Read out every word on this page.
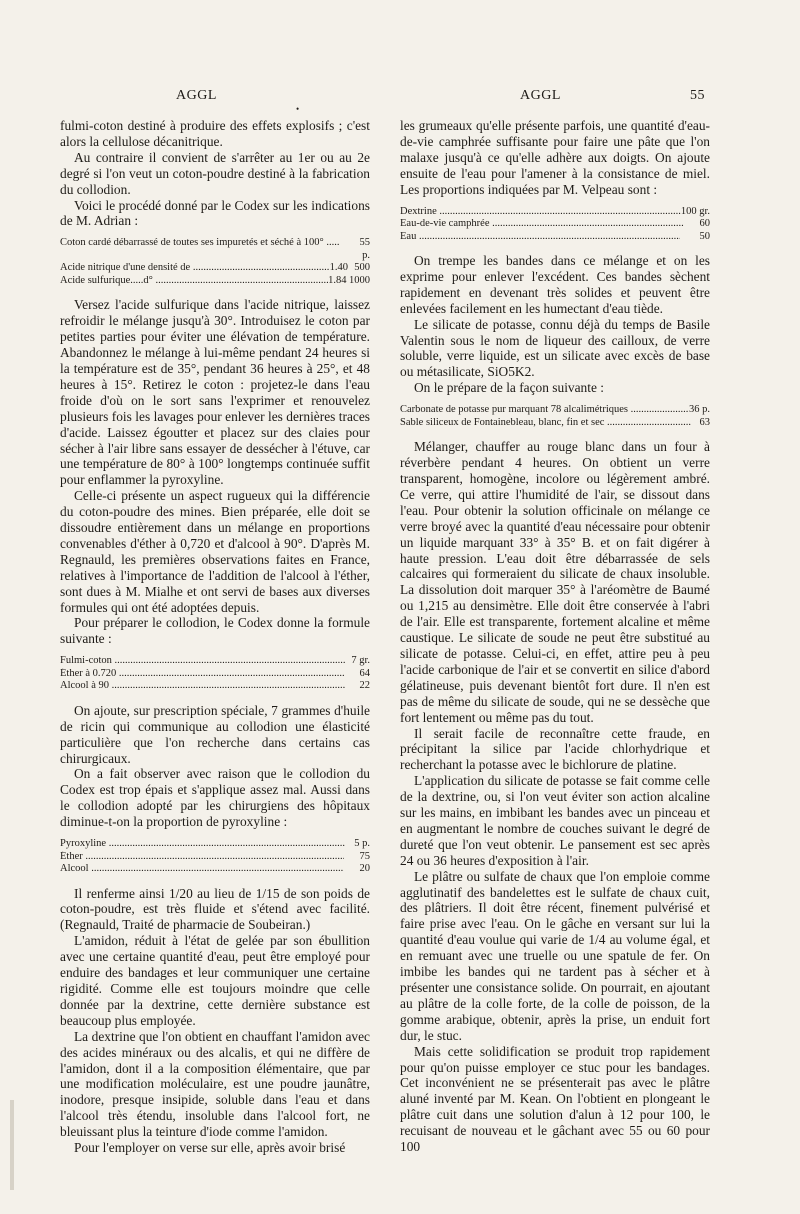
AGGL
•
AGGL	55

fulmi-coton destiné à produire des effets explosifs ; c'est alors la cellulose décanitrique.

Au contraire il convient de s'arrêter au 1er ou au 2e degré si l'on veut un coton-poudre destiné à la fabrication du collodion.

Voici le procédé donné par le Codex sur les indications de M. Adrian :

Coton cardé débarrassé de toutes ses impuretés et séché à 100° .....	55 p.
Acide nitrique d'une densité de .....	1.40 500
Acide sulfurique.....d° .....	1.84 1000

Versez l'acide sulfurique dans l'acide nitrique, laissez refroidir le mélange jusqu'à 30°. Introduisez le coton par petites parties pour éviter une élévation de température. Abandonnez le mélange à lui-même pendant 24 heures si la température est de 35°, pendant 36 heures à 25°, et 48 heures à 15°. Retirez le coton : projetez-le dans l'eau froide d'où on le sort sans l'exprimer et renouvelez plusieurs fois les lavages pour enlever les dernières traces d'acide. Laissez égoutter et placez sur des claies pour sécher à l'air libre sans essayer de dessécher à l'étuve, car une température de 80° à 100° longtemps continuée suffit pour enflammer la pyroxyline.

Celle-ci présente un aspect rugueux qui la différencie du coton-poudre des mines. Bien préparée, elle doit se dissoudre entièrement dans un mélange en proportions convenables d'éther à 0,720 et d'alcool à 90°. D'après M. Regnauld, les premières observations faites en France, relatives à l'importance de l'addition de l'alcool à l'éther, sont dues à M. Mialhe et ont servi de bases aux diverses formules qui ont été adoptées depuis.

Pour préparer le collodion, le Codex donne la formule suivante :

Fulmi-coton .....	7 gr.
Éther à 0.720 .....	64
Alcool à 90 .....	22

On ajoute, sur prescription spéciale, 7 grammes d'huile de ricin qui communique au collodion une élasticité particulière que l'on recherche dans certains cas chirurgicaux.

On a fait observer avec raison que le collodion du Codex est trop épais et s'applique assez mal. Aussi dans le collodion adopté par les chirurgiens des hôpitaux diminue-t-on la proportion de pyroxyline :

Pyroxyline .....	5 p.
Éther .....	75
Alcool .....	20

Il renferme ainsi 1/20 au lieu de 1/15 de son poids de coton-poudre, est très fluide et s'étend avec facilité. (Regnauld, Traité de pharmacie de Soubeiran.)

L'amidon, réduit à l'état de gelée par son ébullition avec une certaine quantité d'eau, peut être employé pour enduire des bandages et leur communiquer une certaine rigidité. Comme elle est toujours moindre que celle donnée par la dextrine, cette dernière substance est beaucoup plus employée.

La dextrine que l'on obtient en chauffant l'amidon avec des acides minéraux ou des alcalis, et qui ne diffère de l'amidon, dont il a la composition élémentaire, que par une modification moléculaire, est une poudre jaunâtre, inodore, presque insipide, soluble dans l'eau et dans l'alcool très étendu, insoluble dans l'alcool fort, ne bleuissant plus la teinture d'iode comme l'amidon.

Pour l'employer on verse sur elle, après avoir brisé

les grumeaux qu'elle présente parfois, une quantité d'eau-de-vie camphrée suffisante pour faire une pâte que l'on malaxe jusqu'à ce qu'elle adhère aux doigts. On ajoute ensuite de l'eau pour l'amener à la consistance de miel. Les proportions indiquées par M. Velpeau sont :

Dextrine .....	100 gr.
Eau-de-vie camphrée .....	60
Eau .....	50

On trempe les bandes dans ce mélange et on les exprime pour enlever l'excédent. Ces bandes sèchent rapidement en devenant très solides et peuvent être enlevées facilement en les humectant d'eau tiède.

Le silicate de potasse, connu déjà du temps de Basile Valentin sous le nom de liqueur des cailloux, de verre soluble, verre liquide, est un silicate avec excès de base ou métasilicate, SiO5K2.

On le prépare de la façon suivante :

Carbonate de potasse pur marquant 78 alcalimétriques .....	36 p.
Sable siliceux de Fontainebleau, blanc, fin et sec .....	63

Mélanger, chauffer au rouge blanc dans un four à réverbère pendant 4 heures. On obtient un verre transparent, homogène, incolore ou légèrement ambré. Ce verre, qui attire l'humidité de l'air, se dissout dans l'eau. Pour obtenir la solution officinale on mélange ce verre broyé avec la quantité d'eau nécessaire pour obtenir un liquide marquant 33° à 35° B. et on fait digérer à haute pression. L'eau doit être débarrassée de sels calcaires qui formeraient du silicate de chaux insoluble. La dissolution doit marquer 35° à l'aréomètre de Baumé ou 1,215 au densimètre. Elle doit être conservée à l'abri de l'air. Elle est transparente, fortement alcaline et même caustique. Le silicate de soude ne peut être substitué au silicate de potasse. Celui-ci, en effet, attire peu à peu l'acide carbonique de l'air et se convertit en silice d'abord gélatineuse, puis devenant bientôt fort dure. Il n'en est pas de même du silicate de soude, qui ne se dessèche que fort lentement ou même pas du tout.

Il serait facile de reconnaître cette fraude, en précipitant la silice par l'acide chlorhydrique et recherchant la potasse avec le bichlorure de platine.

L'application du silicate de potasse se fait comme celle de la dextrine, ou, si l'on veut éviter son action alcaline sur les mains, en imbibant les bandes avec un pinceau et en augmentant le nombre de couches suivant le degré de dureté que l'on veut obtenir. Le pansement est sec après 24 ou 36 heures d'exposition à l'air.

Le plâtre ou sulfate de chaux que l'on emploie comme agglutinatif des bandelettes est le sulfate de chaux cuit, des plâtriers. Il doit être récent, finement pulvérisé et faire prise avec l'eau. On le gâche en versant sur lui la quantité d'eau voulue qui varie de 1/4 au volume égal, et en remuant avec une truelle ou une spatule de fer. On imbibe les bandes qui ne tardent pas à sécher et à présenter une consistance solide. On pourrait, en ajoutant au plâtre de la colle forte, de la colle de poisson, de la gomme arabique, obtenir, après la prise, un enduit fort dur, le stuc.

Mais cette solidification se produit trop rapidement pour qu'on puisse employer ce stuc pour les bandages. Cet inconvénient ne se présenterait pas avec le plâtre aluné inventé par M. Kean. On l'obtient en plongeant le plâtre cuit dans une solution d'alun à 12 pour 100, le recuisant de nouveau et le gâchant avec 55 ou 60 pour 100
